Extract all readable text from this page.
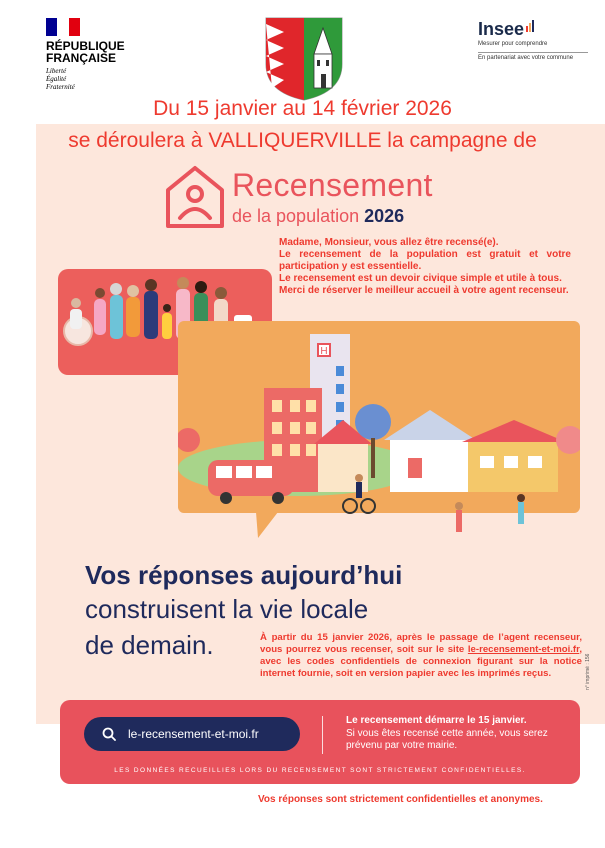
RÉPUBLIQUE
FRANÇAISE
Liberté
Égalité
Fraternité
Insee
Mesurer pour comprendre
En partenariat avec votre commune
Du 15 janvier au 14 février 2026
se déroulera à VALLIQUERVILLE la campagne de
Recensement
de la population 2026

Madame, Monsieur, vous allez être recensé(e).

Le recensement de la population est gratuit et votre participation y est essentielle.

Le recensement est un devoir civique simple et utile à tous.

Merci de réserver le meilleur accueil à votre agent recenseur.

H
Vos réponses aujourd’hui
construisent la vie locale
de demain.	À partir du 15 janvier 2026, après le passage de l’agent recenseur, vous pourrez vous recenser, soit sur le site le-recensement-et-moi.fr, avec les codes confidentiels de connexion figurant sur la notice internet fournie, soit en version papier avec les imprimés reçus.	n° imprimé : 156
le-recensement-et-moi.fr
Le recensement démarre le 15 janvier.
Si vous êtes recensé cette année, vous serez prévenu par votre mairie.
LES DONNÉES RECUEILLIES LORS DU RECENSEMENT SONT STRICTEMENT CONFIDENTIELLES.
Vos réponses sont strictement confidentielles et anonymes.
